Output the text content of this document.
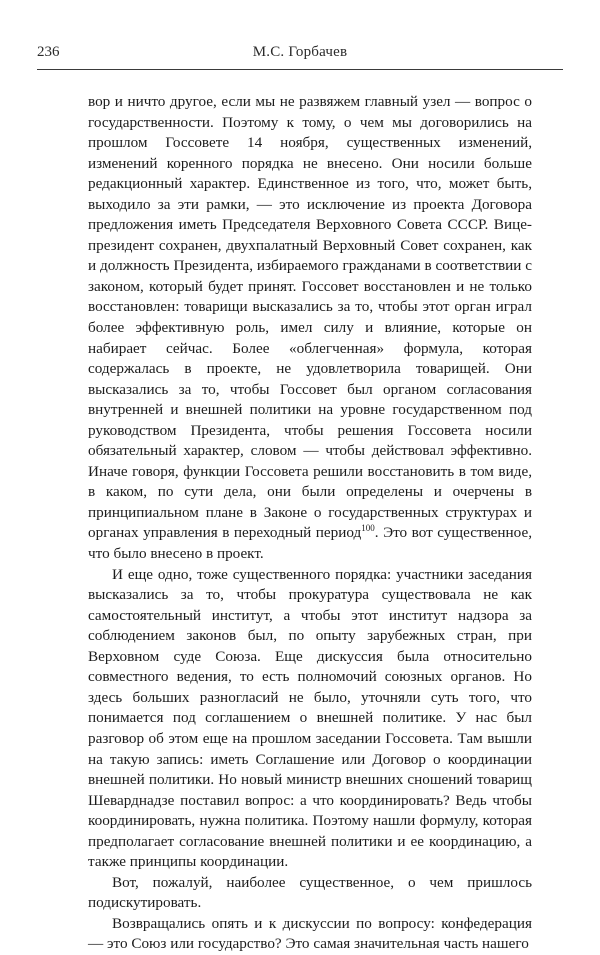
236	М.С. Горбачев

вор и ничто другое, если мы не развяжем главный узел — вопрос о государственности. Поэтому к тому, о чем мы договорились на прошлом Госсовете 14 ноября, существенных изменений, изменений коренного порядка не внесено. Они носили больше редакционный характер. Единственное из того, что, может быть, выходило за эти рамки, — это исключение из проекта Договора предложения иметь Председателя Верховного Совета СССР. Вице-президент сохранен, двухпалатный Верховный Совет сохранен, как и должность Президента, избираемого гражданами в соответствии с законом, который будет принят. Госсовет восстановлен и не только восстановлен: товарищи высказались за то, чтобы этот орган играл более эффективную роль, имел силу и влияние, которые он набирает сейчас. Более «облегченная» формула, которая содержалась в проекте, не удовлетворила товарищей. Они высказались за то, чтобы Госсовет был органом согласования внутренней и внешней политики на уровне государственном под руководством Президента, чтобы решения Госсовета носили обязательный характер, словом — чтобы действовал эффективно. Иначе говоря, функции Госсовета решили восстановить в том виде, в каком, по сути дела, они были определены и очерчены в принципиальном плане в Законе о государственных структурах и органах управления в переходный период$^{100}$. Это вот существенное, что было внесено в проект.

И еще одно, тоже существенного порядка: участники заседания высказались за то, чтобы прокуратура существовала не как самостоятельный институт, а чтобы этот институт надзора за соблюдением законов был, по опыту зарубежных стран, при Верховном суде Союза. Еще дискуссия была относительно совместного ведения, то есть полномочий союзных органов. Но здесь больших разногласий не было, уточняли суть того, что понимается под соглашением о внешней политике. У нас был разговор об этом еще на прошлом заседании Госсовета. Там вышли на такую запись: иметь Соглашение или Договор о координации внешней политики. Но новый министр внешних сношений товарищ Шеварднадзе поставил вопрос: а что координировать? Ведь чтобы координировать, нужна политика. Поэтому нашли формулу, которая предполагает согласование внешней политики и ее координацию, а также принципы координации.

Вот, пожалуй, наиболее существенное, о чем пришлось подискутировать.

Возвращались опять и к дискуссии по вопросу: конфедерация — это Союз или государство? Это самая значительная часть нашего
